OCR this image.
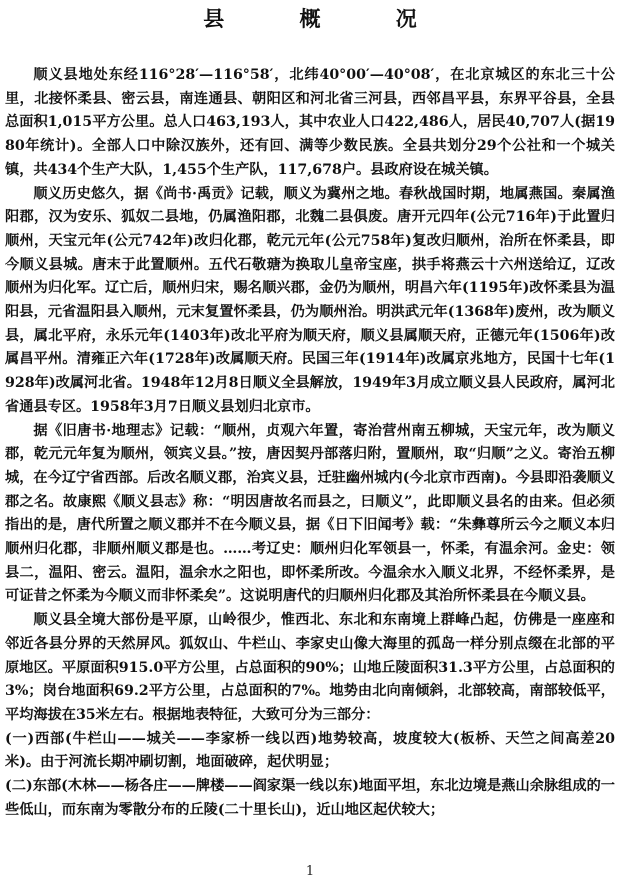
县 概 况

顺义县地处东经116°28′—116°58′，北纬40°00′—40°08′，在北京城区的东北三十公里，北接怀柔县、密云县，南连通县、朝阳区和河北省三河县，西邻昌平县，东界平谷县，全县总面积1,015平方公里。总人口463,193人，其中农业人口422,486人，居民40,707人(据1980年统计)。全部人口中除汉族外，还有回、满等少数民族。全县共划分29个公社和一个城关镇，共434个生产大队，1,455个生产队，117,678户。县政府设在城关镇。

顺义历史悠久，据《尚书·禹贡》记载，顺义为冀州之地。春秋战国时期，地属燕国。秦属渔阳郡，汉为安乐、狐奴二县地，仍属渔阳郡，北魏二县俱废。唐开元四年(公元716年)于此置归顺州，天宝元年(公元742年)改归化郡，乾元元年(公元758年)复改归顺州，治所在怀柔县，即今顺义县城。唐末于此置顺州。五代石敬瑭为换取儿皇帝宝座，拱手将燕云十六州送给辽，辽改顺州为归化军。辽亡后，顺州归宋，赐名顺兴郡，金仍为顺州，明昌六年(1195年)改怀柔县为温阳县，元省温阳县入顺州，元末复置怀柔县，仍为顺州治。明洪武元年(1368年)废州，改为顺义县，属北平府，永乐元年(1403年)改北平府为顺天府，顺义县属顺天府，正德元年(1506年)改属昌平州。清雍正六年(1728年)改属顺天府。民国三年(1914年)改属京兆地方，民国十七年(1928年)改属河北省。1948年12月8日顺义全县解放，1949年3月成立顺义县人民政府，属河北省通县专区。1958年3月7日顺义县划归北京市。

据《旧唐书·地理志》记载：“顺州，贞观六年置，寄治营州南五柳城，天宝元年，改为顺义郡，乾元元年复为顺州，领宾义县。”按，唐因契丹部落归附，置顺州，取“归顺”之义。寄治五柳城，在今辽宁省西部。后改名顺义郡，治宾义县，迁驻幽州城内(今北京市西南)。今县即沿袭顺义郡之名。故康熙《顺义县志》称：“明因唐故名而县之，曰顺义”，此即顺义县名的由来。但必须指出的是，唐代所置之顺义郡并不在今顺义县，据《日下旧闻考》载：“朱彝尊所云今之顺义本归顺州归化郡，非顺州顺义郡是也。……考辽史：顺州归化军领县一，怀柔，有温余河。金史：领县二，温阳、密云。温阳，温余水之阳也，即怀柔所改。今温余水入顺义北界，不经怀柔界，是可证昔之怀柔为今顺义而非怀柔矣”。这说明唐代的归顺州归化郡及其治所怀柔县在今顺义县。

顺义县全境大部份是平原，山岭很少，惟西北、东北和东南境上群峰凸起，仿佛是一座座和邻近各县分界的天然屏风。狐奴山、牛栏山、李家史山像大海里的孤岛一样分别点缀在北部的平原地区。平原面积915.0平方公里，占总面积的90%；山地丘陵面积31.3平方公里，占总面积的3%；岗台地面积69.2平方公里，占总面积的7%。地势由北向南倾斜，北部较高，南部较低平，平均海拔在35米左右。根据地表特征，大致可分为三部分：

(一)西部(牛栏山——城关——李家桥一线以西)地势较高，坡度较大(板桥、天竺之间高差20米)。由于河流长期冲刷切割，地面破碎，起伏明显；

(二)东部(木林——杨各庄——牌楼——阎家渠一线以东)地面平坦，东北边境是燕山余脉组成的一些低山，而东南为零散分布的丘陵(二十里长山)，近山地区起伏较大；

1
